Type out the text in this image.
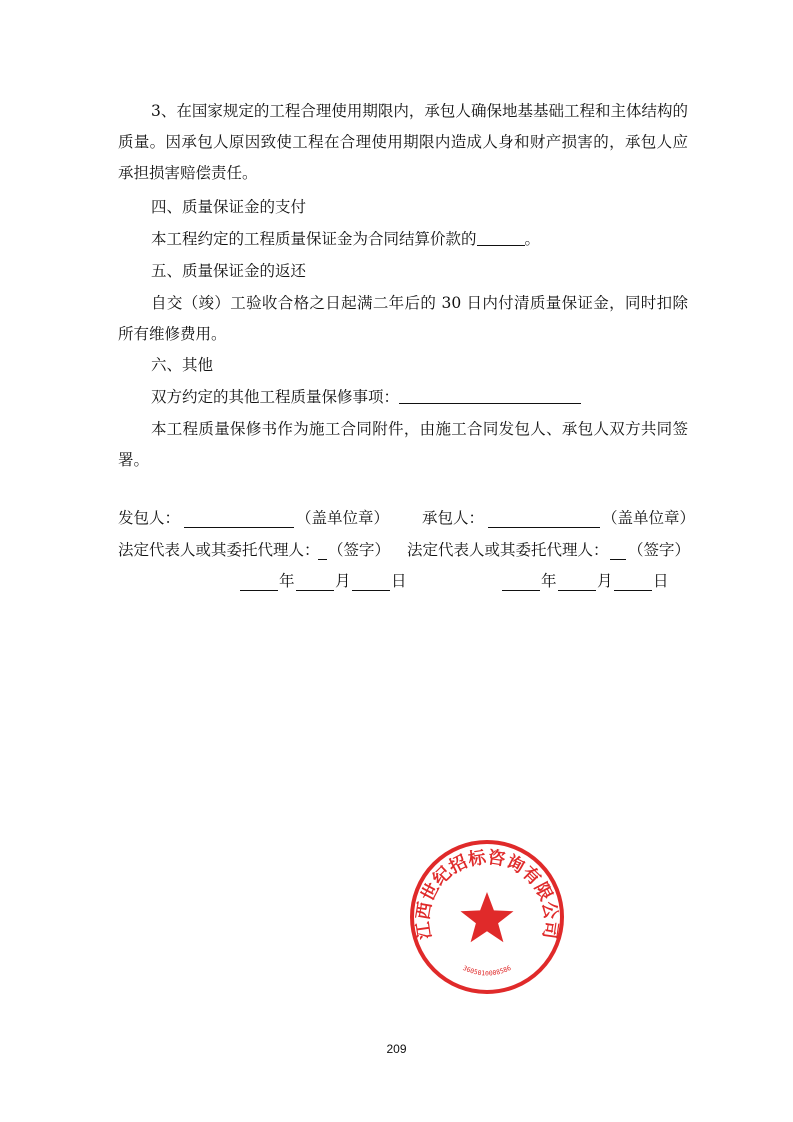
3、在国家规定的工程合理使用期限内，承包人确保地基基础工程和主体结构的质量。因承包人原因致使工程在合理使用期限内造成人身和财产损害的，承包人应承担损害赔偿责任。

四、质量保证金的支付

本工程约定的工程质量保证金为合同结算价款的	。

五、质量保证金的返还

自交（竣）工验收合格之日起满二年后的 30 日内付清质量保证金，同时扣除所有维修费用。

六、其他

双方约定的其他工程质量保修事项：

本工程质量保修书作为施工合同附件，由施工合同发包人、承包人双方共同签署。

发包人：	（盖单位章） 承包人：	（盖单位章）
法定代表人或其委托代理人： （签字） 法定代表人或其委托代理人： （签字）
年	月	日	年	月	日
江西世纪招标咨询有限公司
3605010008586
209
